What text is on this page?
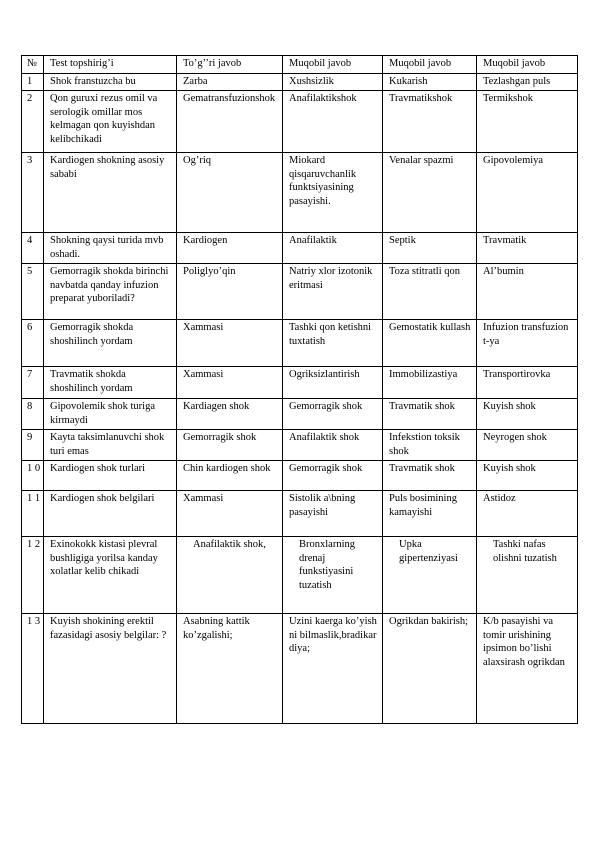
№	Test topshirig’i	To’g’’ri javob	Muqobil javob	Muqobil javob	Muqobil javob
1	Shok franstuzcha bu	Zarba	Xushsizlik	Kukarish	Tezlashgan puls
2	Qon guruxi rezus omil va serologik omillar mos kelmagan qon kuyishdan kelibchikadi	Gematransfuzionshok	Anafilaktikshok	Travmatikshok	Termikshok
3	Kardiogen shokning asosiy sababi	Og’riq	Miokard qisqaruvchanlik funktsiyasining pasayishi.	Venalar spazmi	Gipovolemiya
4	Shokning qaysi turida mvb oshadi.	Kardiogen	Anafilaktik	Septik	Travmatik
5	Gemorragik shokda birinchi navbatda qanday infuzion preparat yuboriladi?	Poliglyo’qin	Natriy xlor izotonik eritmasi	Toza stitratli qon	Al’bumin
6	Gemorragik shokda shoshilinch yordam	Xammasi	Tashki qon ketishni tuxtatish	Gemostatik kullash	Infuzion transfuzion t-ya
7	Travmatik shokda shoshilinch yordam	Xammasi	Ogriksizlantirish	Immobilizastiya	Transportirovka
8	Gipovolemik shok turiga kirmaydi	Kardiagen shok	Gemorragik shok	Travmatik shok	Kuyish shok
9	Kayta taksimlanuvchi shok turi emas	Gemorragik shok	Anafilaktik shok	Infekstion toksik shok	Neyrogen shok
1 0	Kardiogen shok turlari	Chin kardiogen shok	Gemorragik shok	Travmatik shok	Kuyish shok
1 1	Kardiogen shok belgilari	Xammasi	Sistolik a\bning pasayishi	Puls bosimining kamayishi	Astidoz
1 2	Exinokokk kistasi plevral bushligiga yorilsa kanday xolatlar kelib chikadi	Anafilaktik shok,	Bronxlarning drenaj funkstiyasini tuzatish	Upka gipertenziyasi	Tashki nafas olishni tuzatish
1 3	Kuyish shokining erektil fazasidagi asosiy belgilar: ?	Asabning kattik ko’zgalishi;	Uzini kaerga ko’yishni bilmaslik,bradikardiya;	Ogrikdan bakirish;	K/b pasayishi va tomir urishining ipsimon bo’lishi alaxsirash ogrikdan
